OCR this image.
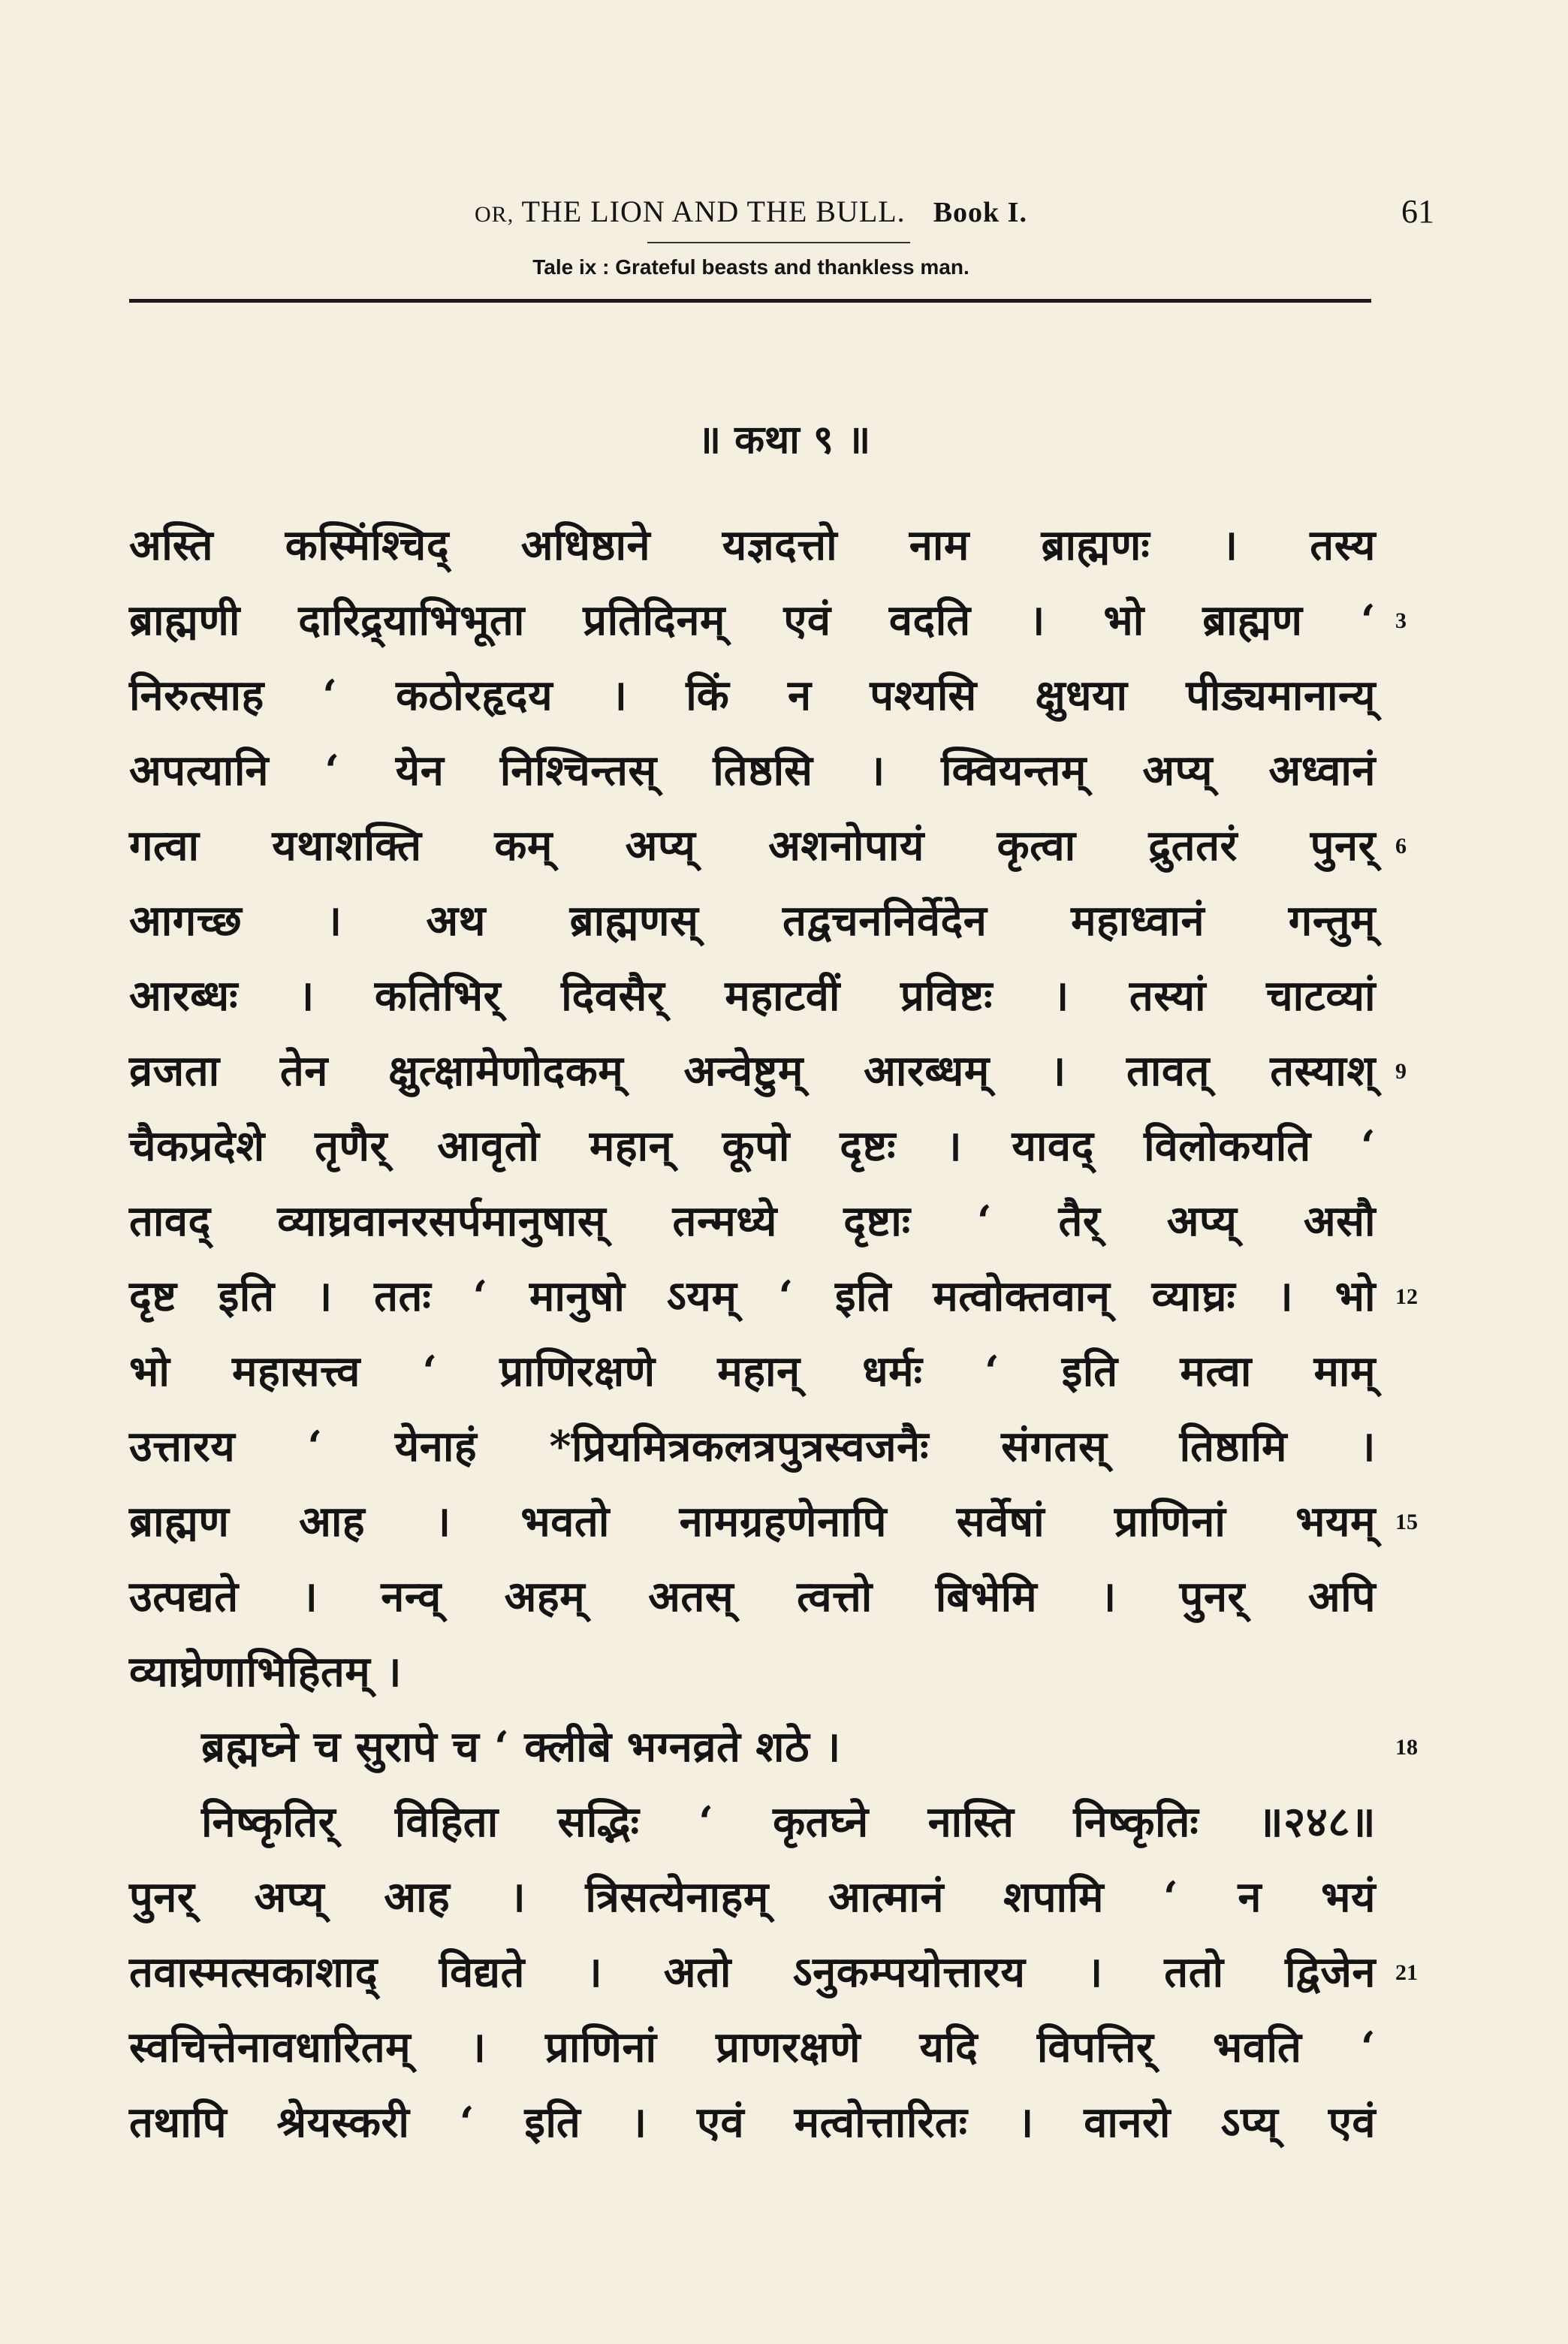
OR, THE LION AND THE BULL. Book I.	61
Tale ix : Grateful beasts and thankless man.
॥ कथा ९ ॥
अस्ति कस्मिंश्चिद् अधिष्ठाने यज्ञदत्तो नाम ब्राह्मणः । तस्य
ब्राह्मणी दारिद्र्याभिभूता प्रतिदिनम् एवं वदति । भो ब्राह्मण ‘
निरुत्साह ‘ कठोरहृदय । किं न पश्यसि क्षुधया पीड्यमानान्य्
अपत्यानि ‘ येन निश्चिन्तस् तिष्ठसि । क्वियन्तम् अप्य् अध्वानं
गत्वा यथाशक्ति कम् अप्य् अशनोपायं कृत्वा द्रुततरं पुनर्
आगच्छ । अथ ब्राह्मणस् तद्वचननिर्वेदेन महाध्वानं गन्तुम्
आरब्धः । कतिभिर् दिवसैर् महाटवीं प्रविष्टः । तस्यां चाटव्यां
व्रजता तेन क्षुत्क्षामेणोदकम् अन्वेष्टुम् आरब्धम् । तावत् तस्याश्
चैकप्रदेशे तृणैर् आवृतो महान् कूपो दृष्टः । यावद् विलोकयति ‘
तावद् व्याघ्रवानरसर्पमानुषास् तन्मध्ये दृष्टाः ‘ तैर् अप्य् असौ
दृष्ट इति । ततः ‘ मानुषो ऽयम् ‘ इति मत्वोक्तवान् व्याघ्रः । भो
भो महासत्त्व ‘ प्राणिरक्षणे महान् धर्मः ‘ इति मत्वा माम्
उत्तारय ‘ येनाहं *प्रियमित्रकलत्रपुत्रस्वजनैः संगतस् तिष्ठामि ।
ब्राह्मण आह । भवतो नामग्रहणेनापि सर्वेषां प्राणिनां भयम्
उत्पद्यते । नन्व् अहम् अतस् त्वत्तो बिभेमि । पुनर् अपि
व्याघ्रेणाभिहितम् ।
ब्रह्मघ्ने च सुरापे च ‘ क्लीबे भग्नव्रते शठे ।
निष्कृतिर् विहिता सद्भिः ‘ कृतघ्ने नास्ति निष्कृतिः ॥२४८॥
पुनर् अप्य् आह । त्रिसत्येनाहम् आत्मानं शपामि ‘ न भयं
तवास्मत्सकाशाद् विद्यते । अतो ऽनुकम्पयोत्तारय । ततो द्विजेन
स्वचित्तेनावधारितम् । प्राणिनां प्राणरक्षणे यदि विपत्तिर् भवति ‘
तथापि श्रेयस्करी ‘ इति । एवं मत्वोत्तारितः । वानरो ऽप्य् एवं
3
6
9
12
15
18
21
